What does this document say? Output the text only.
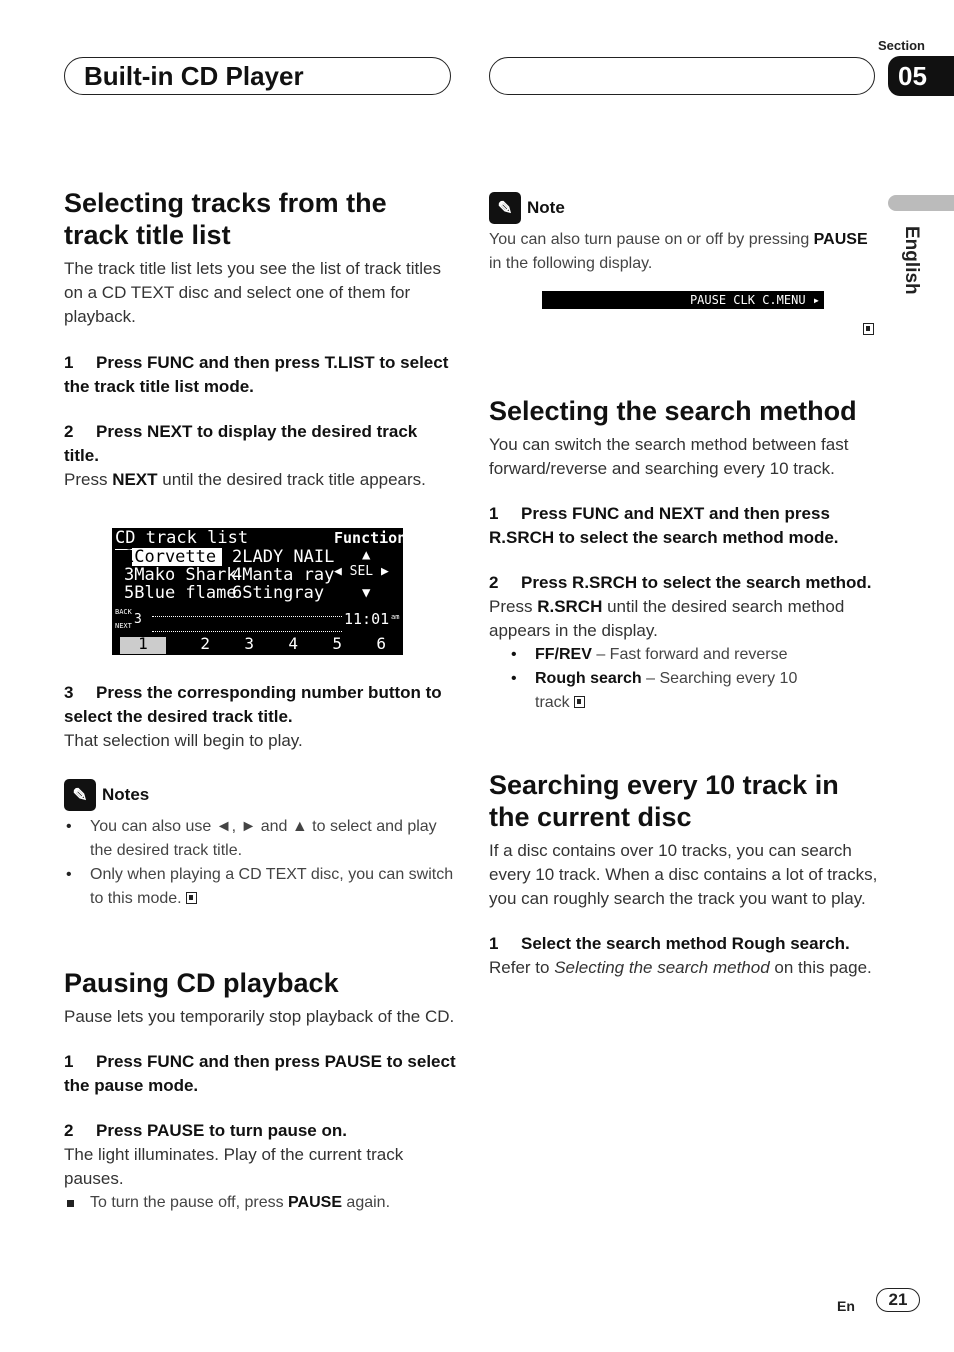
Built-in CD Player
Section
05
English
Selecting tracks from the track title list

The track title list lets you see the list of track titles on a CD TEXT disc and select one of them for playback.

1 Press FUNC and then press T.LIST to select the track title list mode.
2 Press NEXT to display the desired track title.

Press NEXT until the desired track title appears.

CD track list	Function
1Corvette 2LADY NAIL
3Mako Shark
4Manta ray
5Blue flame
6Stingray
▲
◀ SEL ▶
▼
BACK
NEXT 3	11:01 am
1	2 3 4 5 6
3 Press the corresponding number button to select the desired track title.

That selection will begin to play.

✎ Notes
• You can also use ◄, ► and ▲ to select and play the desired track title.
• Only when playing a CD TEXT disc, you can switch to this mode.
Pausing CD playback

Pause lets you temporarily stop playback of the CD.

1 Press FUNC and then press PAUSE to select the pause mode.
2 Press PAUSE to turn pause on.

The light illuminates. Play of the current track pauses.

To turn the pause off, press PAUSE again.
✎ Note
You can also turn pause on or off by pressing PAUSE in the following display.
PAUSE CLK C.MENU ▸
Selecting the search method

You can switch the search method between fast forward/reverse and searching every 10 track.

1 Press FUNC and NEXT and then press R.SRCH to select the search method mode.
2 Press R.SRCH to select the search method.

Press R.SRCH until the desired search method appears in the display.

• FF/REV – Fast forward and reverse
• Rough search – Searching every 10 track
Searching every 10 track in the current disc

If a disc contains over 10 tracks, you can search every 10 track. When a disc contains a lot of tracks, you can roughly search the track you want to play.

1 Select the search method Rough search.

Refer to Selecting the search method on this page.

En	21
